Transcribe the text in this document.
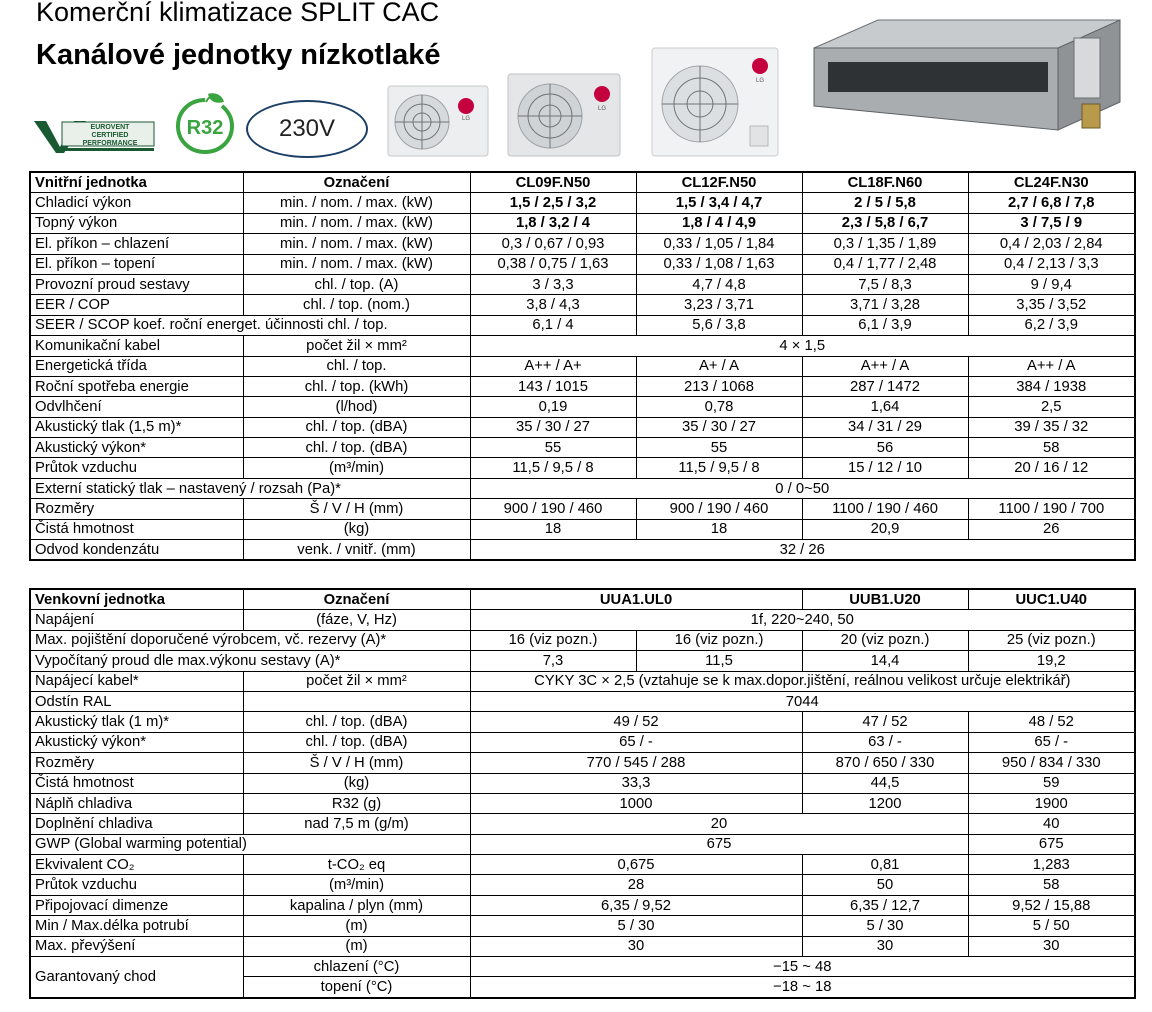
Komerční klimatizace SPLIT CAC
Kanálové jednotky nízkotlaké
EUROVENT
CERTIFIED
PERFORMANCE
R32 230V	LG
LG
LG
Vnitřní jednotka	Označení	CL09F.N50	CL12F.N50	CL18F.N60	CL24F.N30
Chladicí výkon	min. / nom. / max. (kW)	1,5 / 2,5 / 3,2	1,5 / 3,4 / 4,7	2 / 5 / 5,8	2,7 / 6,8 / 7,8
Topný výkon	min. / nom. / max. (kW)	1,8 / 3,2 / 4	1,8 / 4 / 4,9	2,3 / 5,8 / 6,7	3 / 7,5 / 9
El. příkon – chlazení	min. / nom. / max. (kW)	0,3 / 0,67 / 0,93	0,33 / 1,05 / 1,84	0,3 / 1,35 / 1,89	0,4 / 2,03 / 2,84
El. příkon – topení	min. / nom. / max. (kW)	0,38 / 0,75 / 1,63	0,33 / 1,08 / 1,63	0,4 / 1,77 / 2,48	0,4 / 2,13 / 3,3
Provozní proud sestavy	chl. / top. (A)	3 / 3,3	4,7 / 4,8	7,5 / 8,3	9 / 9,4
EER / COP	chl. / top. (nom.)	3,8 / 4,3	3,23 / 3,71	3,71 / 3,28	3,35 / 3,52
SEER / SCOP koef. roční energet. účinnosti chl. / top.		6,1 / 4	5,6 / 3,8	6,1 / 3,9	6,2 / 3,9
Komunikační kabel	počet žil × mm²	4 × 1,5			
Energetická třída	chl. / top.	A++ / A+	A+ / A	A++ / A	A++ / A
Roční spotřeba energie	chl. / top. (kWh)	143 / 1015	213 / 1068	287 / 1472	384 / 1938
Odvlhčení	(l/hod)	0,19	0,78	1,64	2,5
Akustický tlak (1,5 m)*	chl. / top. (dBA)	35 / 30 / 27	35 / 30 / 27	34 / 31 / 29	39 / 35 / 32
Akustický výkon*	chl. / top. (dBA)	55	55	56	58
Průtok vzduchu	(m³/min)	11,5 / 9,5 / 8	11,5 / 9,5 / 8	15 / 12 / 10	20 / 16 / 12
Externí statický tlak – nastavený / rozsah (Pa)*		0 / 0~50			
Rozměry	Š / V / H (mm)	900 / 190 / 460	900 / 190 / 460	1100 / 190 / 460	1100 / 190 / 700
Čistá hmotnost	(kg)	18	18	20,9	26
Odvod kondenzátu	venk. / vnitř. (mm)	32 / 26			
Venkovní jednotka	Označení	UUA1.UL0		UUB1.U20	UUC1.U40
Napájení	(fáze, V, Hz)	1f, 220~240, 50			
Max. pojištění doporučené výrobcem, vč. rezervy (A)*		16 (viz pozn.)	16 (viz pozn.)	20 (viz pozn.)	25 (viz pozn.)
Vypočítaný proud dle max.výkonu sestavy (A)*		7,3	11,5	14,4	19,2
Napájecí kabel*	počet žil × mm²	CYKY 3C × 2,5 (vztahuje se k max.dopor.jištění, reálnou velikost určuje elektrikář)			
Odstín RAL		7044			
Akustický tlak (1 m)*	chl. / top. (dBA)	49 / 52		47 / 52	48 / 52
Akustický výkon*	chl. / top. (dBA)	65 / -		63 / -	65 / -
Rozměry	Š / V / H (mm)	770 / 545 / 288		870 / 650 / 330	950 / 834 / 330
Čistá hmotnost	(kg)	33,3		44,5	59
Náplň chladiva	R32 (g)	1000		1200	1900
Doplnění chladiva	nad 7,5 m (g/m)	20			40
GWP (Global warming potential)		675			675
Ekvivalent CO₂	t-CO₂ eq	0,675		0,81	1,283
Průtok vzduchu	(m³/min)	28		50	58
Připojovací dimenze	kapalina / plyn (mm)	6,35 / 9,52		6,35 / 12,7	9,52 / 15,88
Min / Max.délka potrubí	(m)	5 / 30		5 / 30	5 / 50
Max. převýšení	(m)	30		30	30
Garantovaný chod	chlazení (°C)	−15 ~ 48			
	topení (°C)	−18 ~ 18			
